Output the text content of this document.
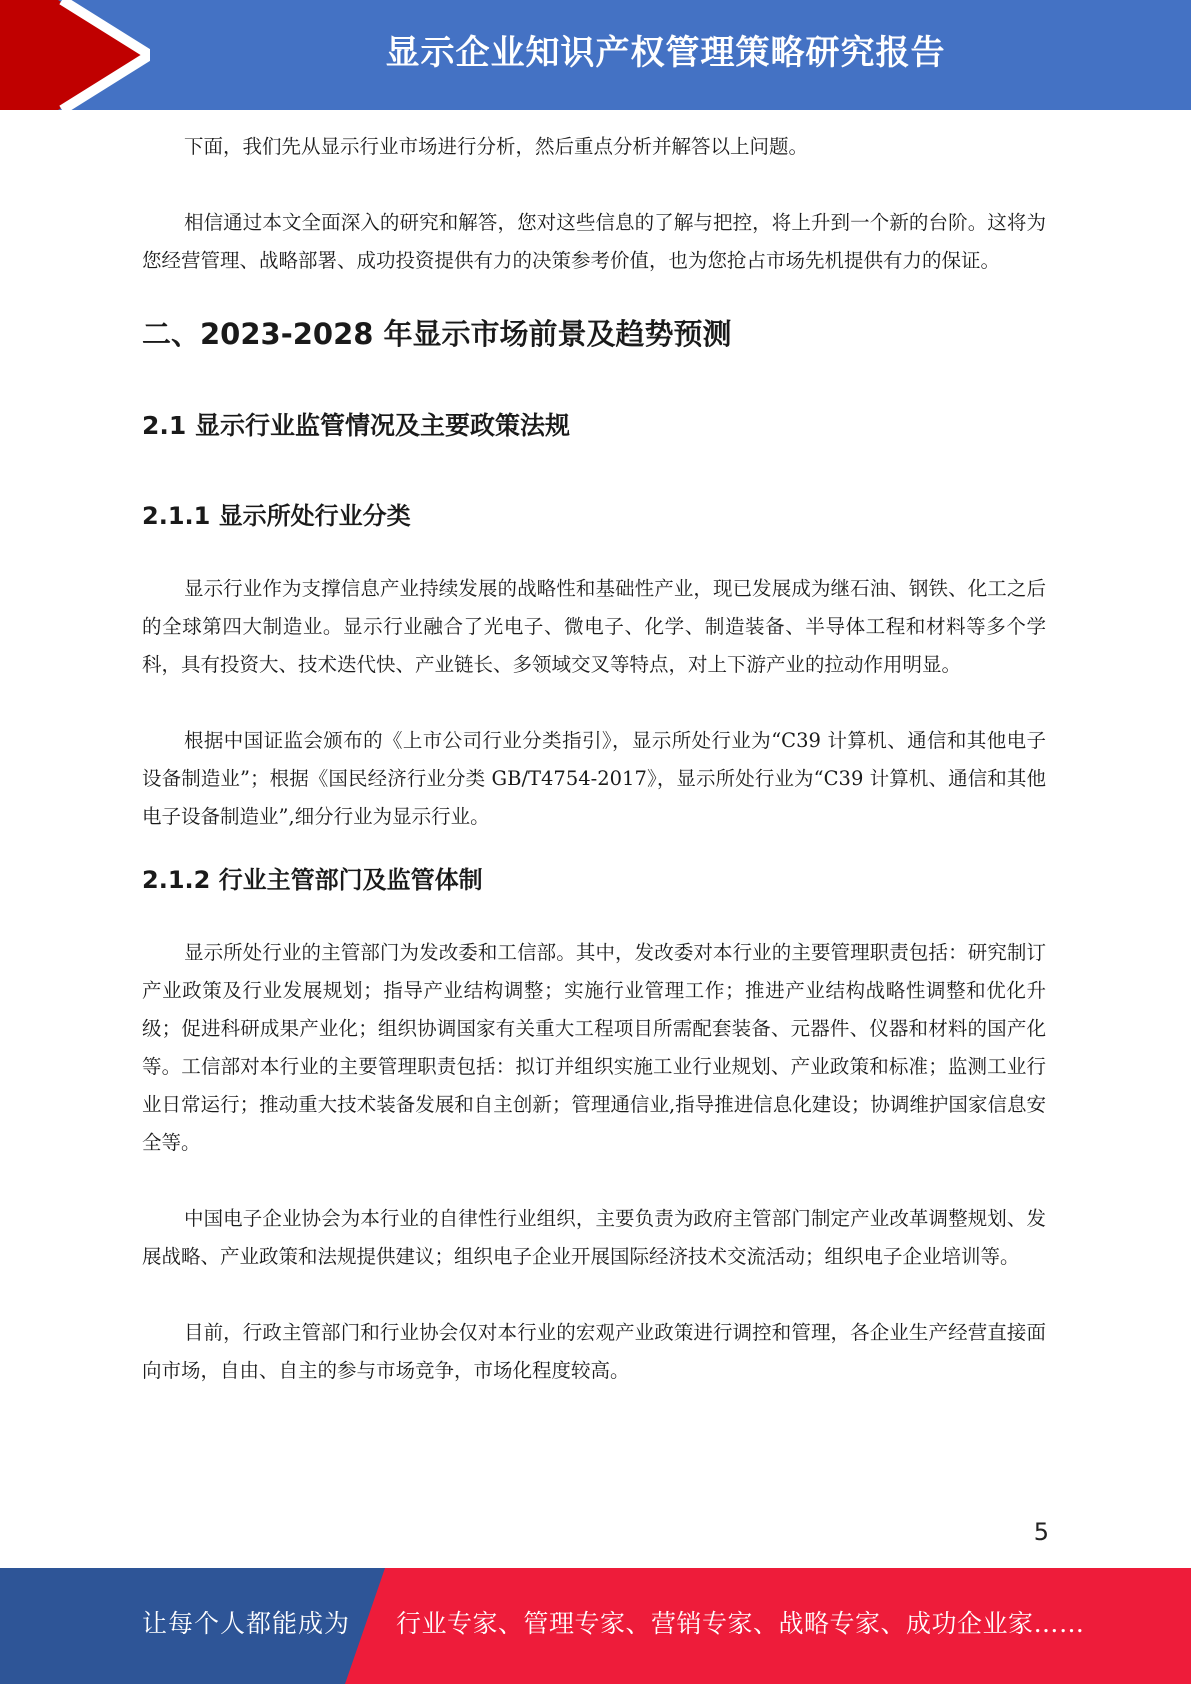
显示企业知识产权管理策略研究报告

下面，我们先从显示行业市场进行分析，然后重点分析并解答以上问题。

相信通过本文全面深入的研究和解答，您对这些信息的了解与把控，将上升到一个新的台阶。这将为您经营管理、战略部署、成功投资提供有力的决策参考价值，也为您抢占市场先机提供有力的保证。

二、2023-2028 年显示市场前景及趋势预测
2.1 显示行业监管情况及主要政策法规
2.1.1 显示所处行业分类

显示行业作为支撑信息产业持续发展的战略性和基础性产业，现已发展成为继石油、钢铁、化工之后的全球第四大制造业。显示行业融合了光电子、微电子、化学、制造装备、半导体工程和材料等多个学科，具有投资大、技术迭代快、产业链长、多领域交叉等特点，对上下游产业的拉动作用明显。

根据中国证监会颁布的《上市公司行业分类指引》，显示所处行业为“C39 计算机、通信和其他电子设备制造业”；根据《国民经济行业分类 GB/T4754-2017》，显示所处行业为“C39 计算机、通信和其他电子设备制造业”,细分行业为显示行业。

2.1.2 行业主管部门及监管体制

显示所处行业的主管部门为发改委和工信部。其中，发改委对本行业的主要管理职责包括：研究制订产业政策及行业发展规划；指导产业结构调整；实施行业管理工作；推进产业结构战略性调整和优化升级；促进科研成果产业化；组织协调国家有关重大工程项目所需配套装备、元器件、仪器和材料的国产化等。工信部对本行业的主要管理职责包括：拟订并组织实施工业行业规划、产业政策和标准；监测工业行业日常运行；推动重大技术装备发展和自主创新；管理通信业,指导推进信息化建设；协调维护国家信息安全等。

中国电子企业协会为本行业的自律性行业组织，主要负责为政府主管部门制定产业改革调整规划、发展战略、产业政策和法规提供建议；组织电子企业开展国际经济技术交流活动；组织电子企业培训等。

目前，行政主管部门和行业协会仅对本行业的宏观产业政策进行调控和管理，各企业生产经营直接面向市场，自由、自主的参与市场竞争，市场化程度较高。

5
让每个人都能成为 行业专家、管理专家、营销专家、战略专家、成功企业家……
